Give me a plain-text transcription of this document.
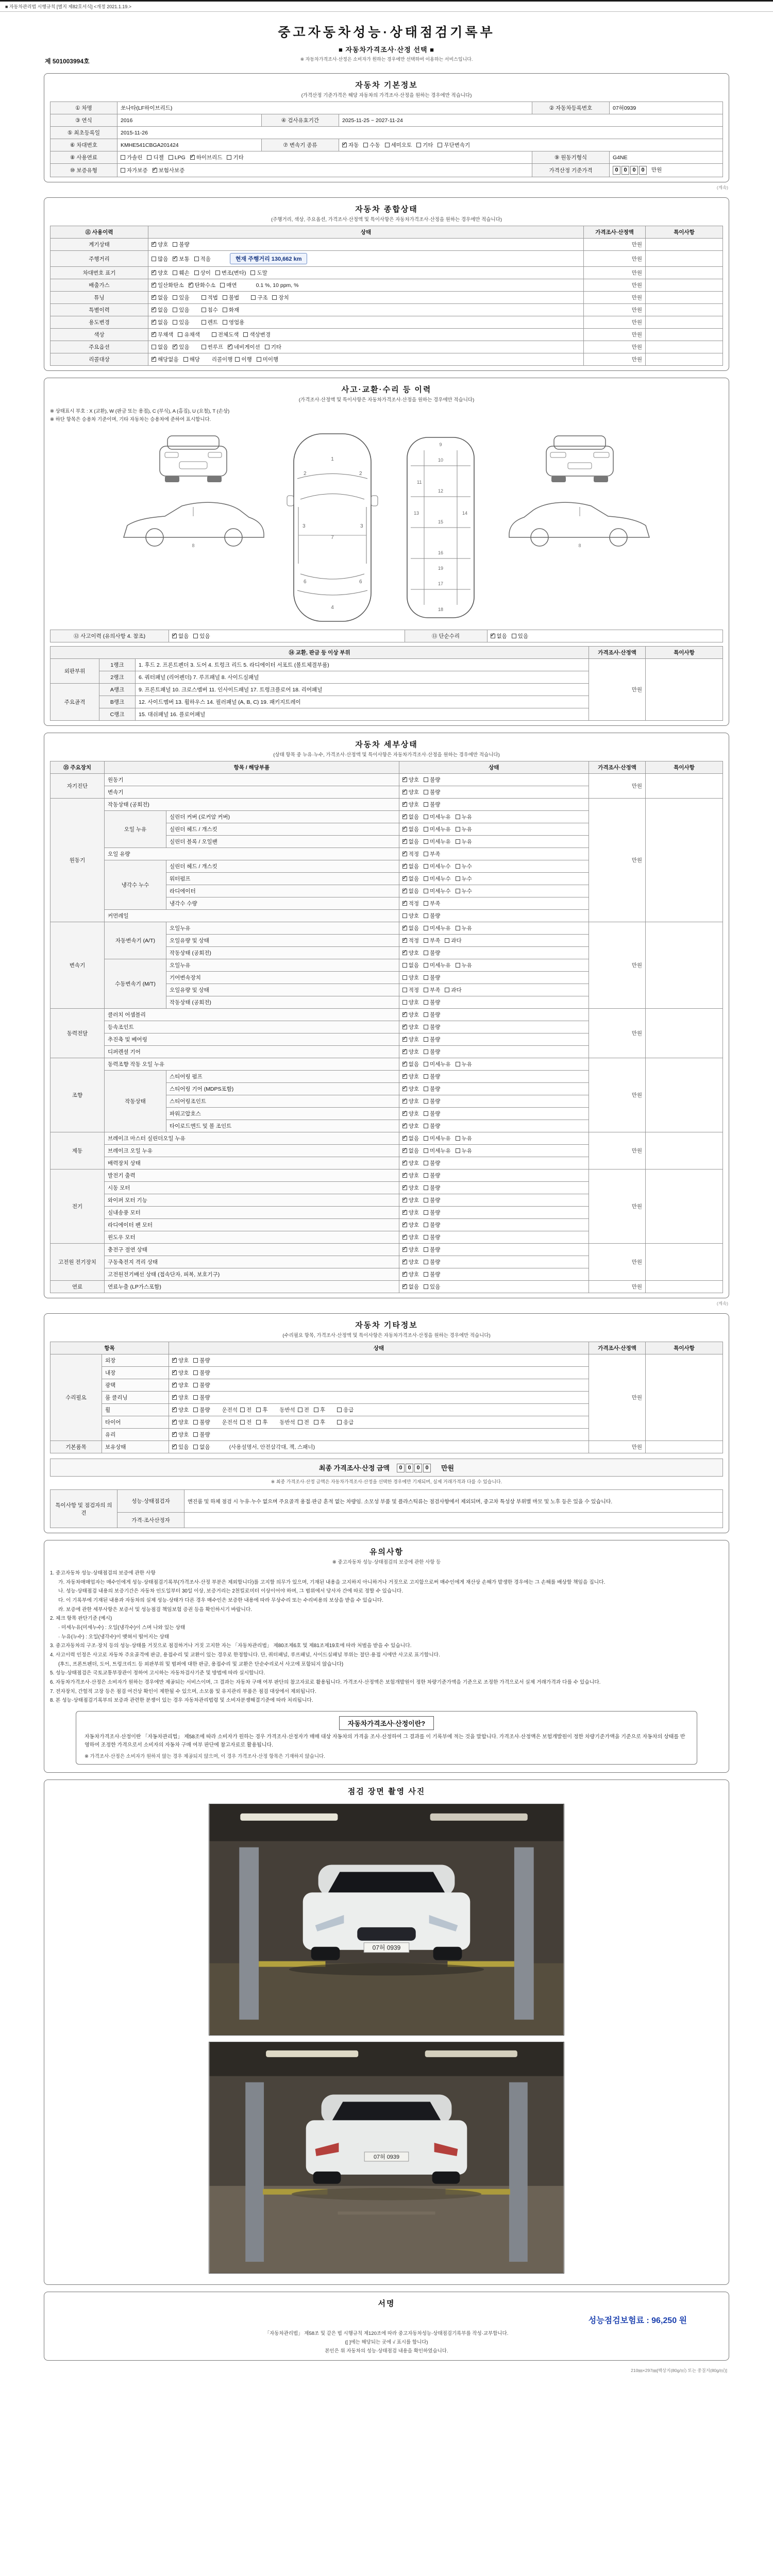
■ 자동차관리법 시행규칙 [별지 제82호서식] <개정 2021.1.19.>
제 501003994호
중고자동차성능·상태점검기록부
■ 자동차가격조사·산정 선택 ■
※ 자동차가격조사·산정은 소비자가 원하는 경우에만 선택하여 이용하는 서비스입니다.
자동차 기본정보
(가격산정 기준가격은 해당 자동차의 가격조사·산정을 원하는 경우에만 적습니다)
① 차명	쏘나타(LF하이브리드)			② 자동차등록번호	07허0939
③ 연식	2016	④ 검사유효기간	2025-11-25 ~ 2027-11-24		
⑤ 최초등록일	2015-11-26				
⑥ 차대번호	KMHE541CBGA201424	⑦ 변속기 종류	✓자동 수동 세미오토 기타 무단변속기
⑧ 사용연료	가솔린 디젤 LPG ✓ 하이브리드 기타			⑨ 원동기형식	G4NE
⑩ 보증유형	자가보증 ✓ 보험사보증			가격산정 기준가격	0 0 0 0 만원
(계속)
자동차 종합상태
(주행거리, 색상, 주요옵션, 가격조사·산정액 및 특이사항은 자동차가격조사·산정을 원하는 경우에만 적습니다)
⑪ 사용이력	상태	가격조사·산정액	특이사항
계기상태	✓양호 불량	만원	
주행거리	많음 ✓ 보통 적음 현재 주행거리 130,662 km	만원	
차대번호 표기	✓양호 훼손 상이 변조(변타) 도말	만원	
배출가스	✓일산화탄소 ✓ 탄화수소 매연 0.1 %, 10 ppm, %	만원	
튜닝	✓없음 있음 적법 불법 구조 장치	만원	
특별이력	✓없음 있음 침수 화재	만원	
용도변경	✓없음 있음 렌트 영업용	만원	
색상	✓무채색 유채색 전체도색 색상변경	만원	
주요옵션	없음 ✓ 있음 썬루프 ✓ 네비게이션 기타	만원	
리콜대상	✓해당없음 해당 리콜이행 이행 미이행	만원	
사고·교환·수리 등 이력
(가격조사·산정액 및 특이사항은 자동차가격조사·산정을 원하는 경우에만 적습니다)
※ 상태표시 부호 : X (교환), W (판금 또는 용접), C (부식), A (흠집), U (요철), T (손상)
※ 하단 항목은 승용차 기준이며, 기타 자동차는 승용차에 준하여 표시합니다.
8
1
2	2
3	3
7
6	6
4
9
10
11
12
13	14
15
16
19
17
18
8
⑫ 사고이력 (유의사항 4. 참조)	✓없음 있음	⑬ 단순수리	✓없음 있음
⑭ 교환, 판금 등 이상 부위			가격조사·산정액	특이사항
외판부위	1랭크	1. 후드 2. 프론트펜더 3. 도어 4. 트렁크 리드 5. 라디에이터 서포트 (볼트체결부품)	만원	
	2랭크	6. 쿼터패널 (리어펜더) 7. 루프패널 8. 사이드실패널		
주요골격	A랭크	9. 프론트패널 10. 크로스멤버 11. 인사이드패널 17. 트렁크플로어 18. 리어패널		
	B랭크	12. 사이드멤버 13. 휠하우스 14. 필러패널 (A, B, C) 19. 패키지트레이		
	C랭크	15. 대쉬패널 16. 플로어패널		
자동차 세부상태
(상태 항목 중 누유·누수, 가격조사·산정액 및 특이사항은 자동차가격조사·산정을 원하는 경우에만 적습니다)
⑮ 주요장치	항목 / 해당부품		상태	가격조사·산정액	특이사항
자기진단	원동기	✓양호 불량	만원	
	변속기	✓양호 불량
원동기	작동상태 (공회전)	✓양호 불량	만원	
	오일 누유	실린더 커버 (로커암 커버)	✓없음 미세누유 누유
		실린더 헤드 / 개스킷	✓없음 미세누유 누유
		실린더 블록 / 오일팬	✓없음 미세누유 누유
	오일 유량	✓적정 부족
	냉각수 누수	실린더 헤드 / 개스킷	✓없음 미세누수 누수
		워터펌프	✓없음 미세누수 누수
		라디에이터	✓없음 미세누수 누수
		냉각수 수량	✓적정 부족
	커먼레일		양호 불량		
변속기	자동변속기 (A/T)	오일누유	✓없음 미세누유 누유	만원	
		오일유량 및 상태	✓적정 부족 과다
		작동상태 (공회전)	✓양호 불량
	수동변속기 (M/T)	오일누유	없음 미세누유 누유		
		기어변속장치	양호 불량		
		오일유량 및 상태	적정 부족 과다		
		작동상태 (공회전)	양호 불량		
동력전달	클러치 어셈블리	✓양호 불량	만원	
	등속조인트	✓양호 불량
	추진축 및 베어링	✓양호 불량
	디퍼렌셜 기어	✓양호 불량
조향	동력조향 작동 오일 누유	✓없음 미세누유 누유	만원	
	작동상태	스티어링 펌프	✓양호 불량
		스티어링 기어 (MDPS포함)	✓양호 불량
		스티어링조인트	✓양호 불량
		파워고압호스	✓양호 불량
		타이로드엔드 및 볼 조인트	✓양호 불량
제동	브레이크 마스터 실린더오일 누유	✓없음 미세누유 누유	만원	
	브레이크 오일 누유	✓없음 미세누유 누유
	배력장치 상태	✓양호 불량
전기	발전기 출력	✓양호 불량	만원	
	시동 모터	✓양호 불량
	와이퍼 모터 기능	✓양호 불량
	실내송풍 모터	✓양호 불량
	라디에이터 팬 모터	✓양호 불량
	윈도우 모터	✓양호 불량
고전원 전기장치	충전구 절연 상태	✓양호 불량	만원	
	구동축전지 격리 상태	✓양호 불량
	고전원전기배선 상태 (접속단자, 피복, 보호기구)	✓양호 불량
연료	연료누출 (LP가스포함)	✓없음 있음	만원	
(계속)
자동차 기타정보
(수리필요 항목, 가격조사·산정액 및 특이사항은 자동차가격조사·산정을 원하는 경우에만 적습니다)
항목		상태	가격조사·산정액	특이사항
수리필요	외장	✓양호 불량	만원	
	내장	✓양호 불량
	광택	✓양호 불량
	룸 클리닝	✓양호 불량
	휠	✓양호 불량 운전석 전 후 동반석 전 후 응급
	타이어	✓양호 불량 운전석 전 후 동반석 전 후 응급
	유리	✓양호 불량
기본품목	보유상태	✓있음 없음 (사용설명서, 안전삼각대, 잭, 스패너)	만원	
최종 가격조사·산정 금액	0 0 0 0	만원
※ 최종 가격조사·산정 금액은 자동차가격조사·산정을 선택한 경우에만 기재되며, 실제 거래가격과 다를 수 있습니다.
특이사항 및 점검자의 의견	성능·상태점검자	엔진룸 및 하체 점검 시 누유·누수 없으며 주요골격 용접·판금 흔적 없는 차량임. 소모성 부품 및 플라스틱류는 점검사항에서 제외되며, 중고차 특성상 부위별 마모 및 노후 등은 있을 수 있습니다.
	가격·조사산정자	
유의사항
※ 중고자동차 성능·상태점검의 보증에 관한 사항 등
1. 중고자동차 성능·상태점검의 보증에 관한 사항
가. 자동차매매업자는 매수인에게 성능·상태점검기록부(가격조사·산정 부분은 제외합니다)를 고지할 의무가 있으며, 기재된 내용을 고지하지 아니하거나 거짓으로 고지함으로써 매수인에게 재산상 손해가 발생한 경우에는 그 손해를 배상할 책임을 집니다.
나. 성능·상태점검 내용의 보증기간은 자동차 인도일부터 30일 이상, 보증거리는 2천킬로미터 이상이어야 하며, 그 범위에서 당사자 간에 따로 정할 수 있습니다.
다. 이 기록부에 기재된 내용과 자동차의 실제 성능·상태가 다른 경우 매수인은 보증한 내용에 따라 무상수리 또는 수리비용의 보상을 받을 수 있습니다.
라. 보증에 관한 세부사항은 보증서 및 성능점검 책임보험 증권 등을 확인하시기 바랍니다.
2. 체크 항목 판단기준 (예시)
· 미세누유(미세누수) : 오일(냉각수)이 스며 나와 있는 상태
· 누유(누수) : 오일(냉각수)이 맺혀서 떨어지는 상태
3. 중고자동차의 구조·장치 등의 성능·상태를 거짓으로 점검하거나 거짓 고지한 자는 「자동차관리법」 제80조제6호 및 제81조제19호에 따라 처벌을 받을 수 있습니다.
4. 사고이력 인정은 사고로 자동차 주요골격에 판금, 용접수리 및 교환이 있는 경우로 한정합니다. 단, 쿼터패널, 루프패널, 사이드실패널 부위는 절단·용접 시에만 사고로 표기합니다.
(후드, 프론트펜더, 도어, 트렁크리드 등 외판부위 및 범퍼에 대한 판금, 용접수리 및 교환은 단순수리로서 사고에 포함되지 않습니다)
5. 성능·상태점검은 국토교통부장관이 정하여 고시하는 자동차검사기준 및 방법에 따라 실시합니다.
6. 자동차가격조사·산정은 소비자가 원하는 경우에만 제공되는 서비스이며, 그 결과는 자동차 구매 여부 판단의 참고자료로 활용됩니다. 가격조사·산정액은 보험개발원이 정한 차량기준가액을 기준으로 조정한 가격으로서 실제 거래가격과 다를 수 있습니다.
7. 전자장치, 간헐적 고장 등은 점검 여건상 확인이 제한될 수 있으며, 소모품 및 유지관리 부품은 점검 대상에서 제외됩니다.
8. 본 성능·상태점검기록부의 보증과 관련한 분쟁이 있는 경우 자동차관리법령 및 소비자분쟁해결기준에 따라 처리됩니다.
자동차가격조사·산정이란?
자동차가격조사·산정이란 「자동차관리법」 제58조에 따라 소비자가 원하는 경우 가격조사·산정자가 매매 대상 자동차의 가격을 조사·산정하여 그 결과를 이 기록부에 적는 것을 말합니다. 가격조사·산정액은 보험개발원이 정한 차량기준가액을 기준으로 자동차의 상태를 반영하여 조정한 가격으로서 소비자의 자동차 구매 여부 판단에 참고자료로 활용됩니다.
※ 가격조사·산정은 소비자가 원하지 않는 경우 제공되지 않으며, 이 경우 가격조사·산정 항목은 기재하지 않습니다.
점검 장면 촬영 사진
07허 0939
07허 0939
서명
성능점검보험료 : 96,250 원
「자동차관리법」 제58조 및 같은 법 시행규칙 제120조에 따라 중고자동차성능·상태점검기록부를 작성·교부합니다.
([ ]에는 해당되는 곳에 √ 표시를 합니다)
본인은 위 자동차의 성능·상태점검 내용을 확인하였습니다.
210㎜×297㎜[백상지(80g/㎡) 또는 중질지(80g/㎡)]
